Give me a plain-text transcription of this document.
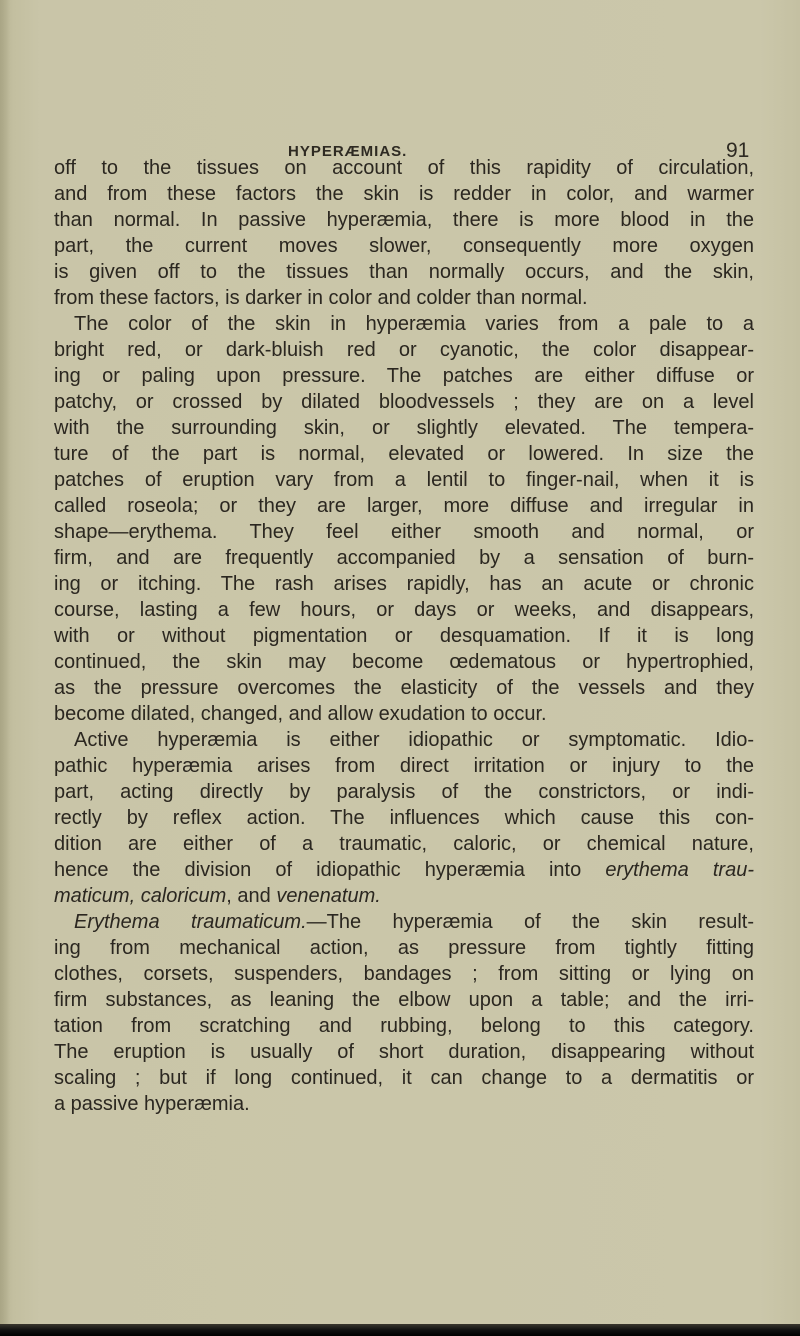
HYPERÆMIAS.	91
off to the tissues on account of this rapidity of circulation,
and from these factors the skin is redder in color, and warmer
than normal. In passive hyperæmia, there is more blood in the
part, the current moves slower, consequently more oxygen
is given off to the tissues than normally occurs, and the skin,
from these factors, is darker in color and colder than normal.
The color of the skin in hyperæmia varies from a pale to a
bright red, or dark-bluish red or cyanotic, the color disappear-
ing or paling upon pressure. The patches are either diffuse or
patchy, or crossed by dilated bloodvessels ; they are on a level
with the surrounding skin, or slightly elevated. The tempera-
ture of the part is normal, elevated or lowered. In size the
patches of eruption vary from a lentil to finger-nail, when it is
called roseola; or they are larger, more diffuse and irregular in
shape—erythema. They feel either smooth and normal, or
firm, and are frequently accompanied by a sensation of burn-
ing or itching. The rash arises rapidly, has an acute or chronic
course, lasting a few hours, or days or weeks, and disappears,
with or without pigmentation or desquamation. If it is long
continued, the skin may become œdematous or hypertrophied,
as the pressure overcomes the elasticity of the vessels and they
become dilated, changed, and allow exudation to occur.
Active hyperæmia is either idiopathic or symptomatic. Idio-
pathic hyperæmia arises from direct irritation or injury to the
part, acting directly by paralysis of the constrictors, or indi-
rectly by reflex action. The influences which cause this con-
dition are either of a traumatic, caloric, or chemical nature,
hence the division of idiopathic hyperæmia into erythema trau-
maticum, caloricum, and venenatum.
Erythema traumaticum.—The hyperæmia of the skin result-
ing from mechanical action, as pressure from tightly fitting
clothes, corsets, suspenders, bandages ; from sitting or lying on
firm substances, as leaning the elbow upon a table; and the irri-
tation from scratching and rubbing, belong to this category.
The eruption is usually of short duration, disappearing without
scaling ; but if long continued, it can change to a dermatitis or
a passive hyperæmia.
